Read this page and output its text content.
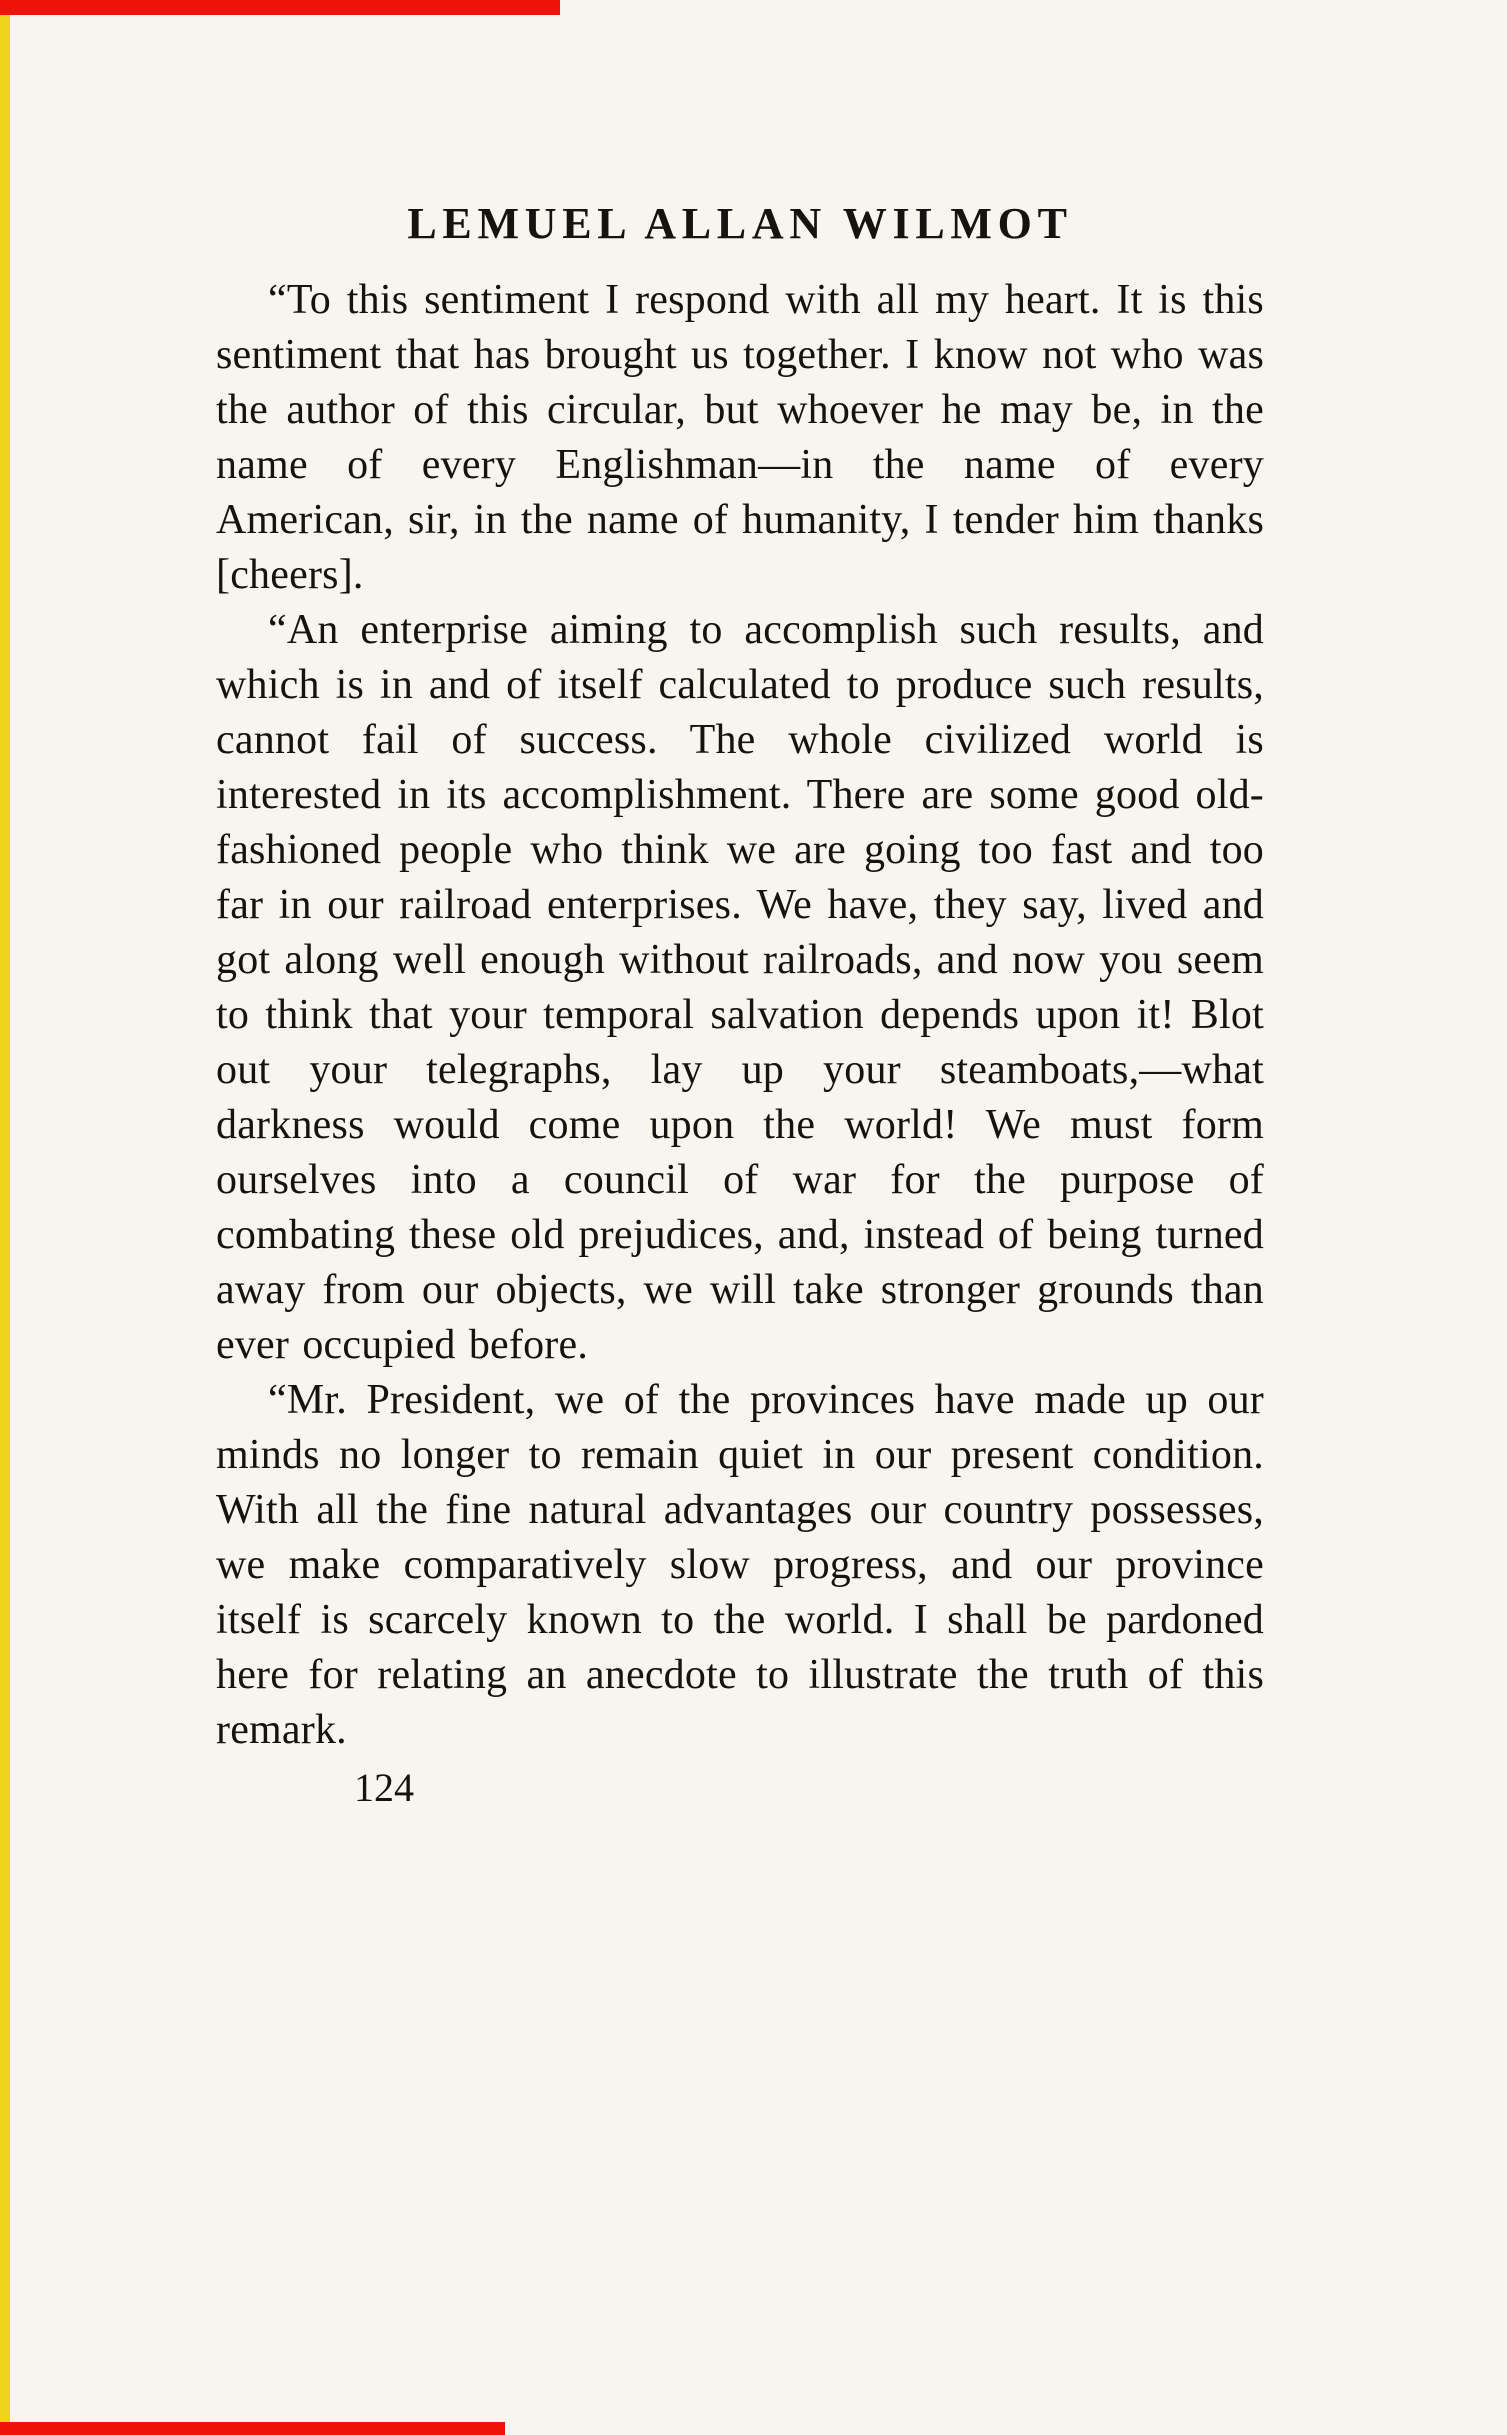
LEMUEL ALLAN WILMOT

“To this sentiment I respond with all my heart. It is this sentiment that has brought us together. I know not who was the author of this circular, but whoever he may be, in the name of every Englishman—in the name of every American, sir, in the name of humanity, I tender him thanks [cheers].

“An enterprise aiming to accomplish such results, and which is in and of itself calculated to produce such results, cannot fail of success. The whole civilized world is interested in its accomplishment. There are some good old-fashioned people who think we are going too fast and too far in our railroad enterprises. We have, they say, lived and got along well enough without railroads, and now you seem to think that your temporal salvation depends upon it! Blot out your telegraphs, lay up your steamboats,—what darkness would come upon the world! We must form ourselves into a council of war for the purpose of combating these old prejudices, and, instead of being turned away from our objects, we will take stronger grounds than ever occupied before.

“Mr. President, we of the provinces have made up our minds no longer to remain quiet in our present condition. With all the fine natural advantages our country possesses, we make comparatively slow progress, and our province itself is scarcely known to the world. I shall be pardoned here for relating an anecdote to illustrate the truth of this remark.

124
